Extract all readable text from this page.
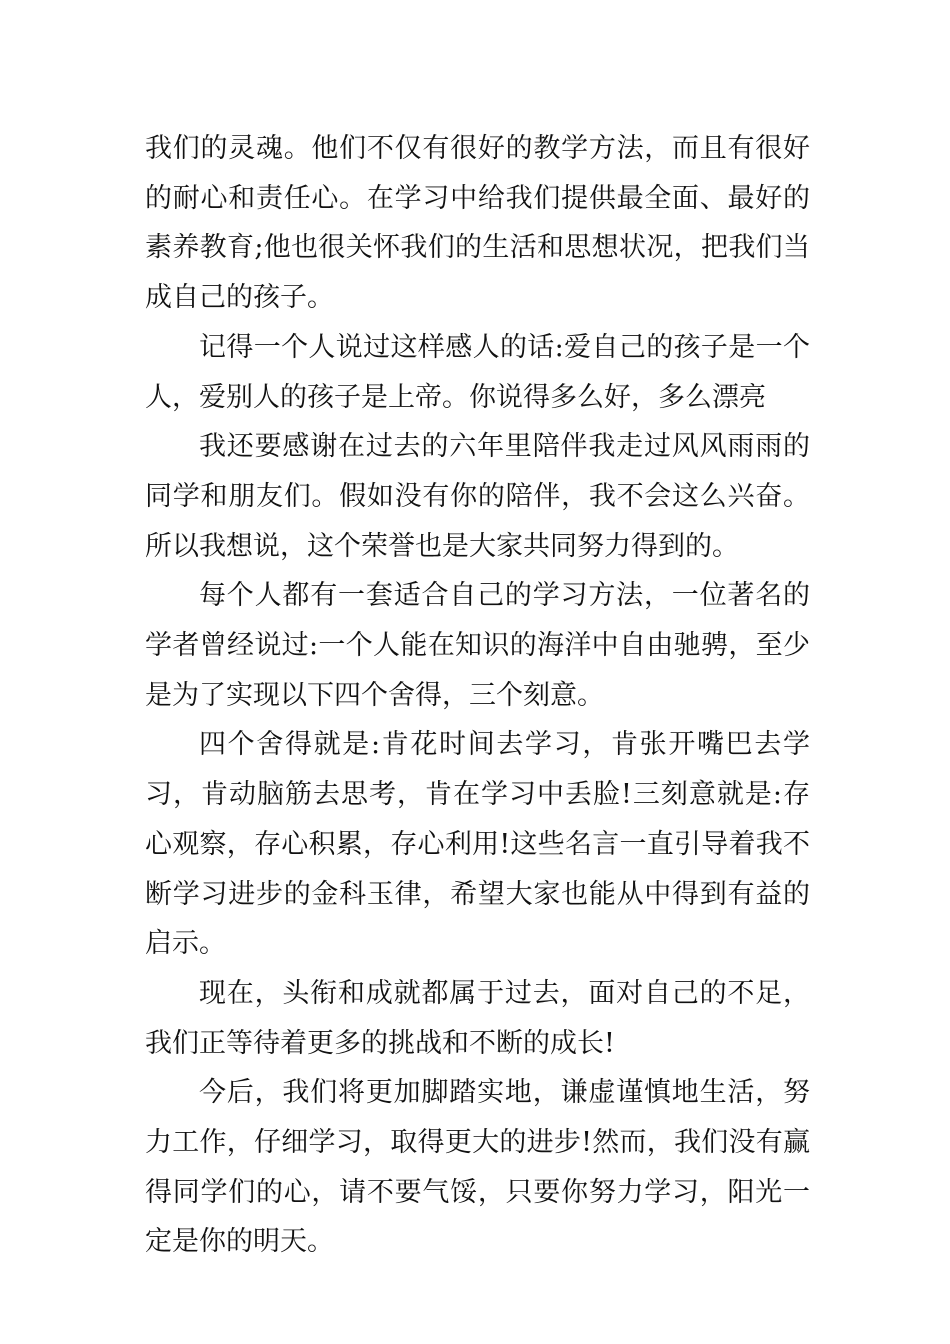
我们的灵魂。他们不仅有很好的教学方法，而且有很好的耐心和责任心。在学习中给我们提供最全面、最好的素养教育;他也很关怀我们的生活和思想状况，把我们当成自己的孩子。

记得一个人说过这样感人的话:爱自己的孩子是一个人，爱别人的孩子是上帝。你说得多么好，多么漂亮

我还要感谢在过去的六年里陪伴我走过风风雨雨的同学和朋友们。假如没有你的陪伴，我不会这么兴奋。所以我想说，这个荣誉也是大家共同努力得到的。

每个人都有一套适合自己的学习方法，一位著名的学者曾经说过:一个人能在知识的海洋中自由驰骋，至少是为了实现以下四个舍得，三个刻意。

四个舍得就是:肯花时间去学习，肯张开嘴巴去学习，肯动脑筋去思考，肯在学习中丢脸!三刻意就是:存心观察，存心积累，存心利用!这些名言一直引导着我不断学习进步的金科玉律，希望大家也能从中得到有益的启示。

现在，头衔和成就都属于过去，面对自己的不足，我们正等待着更多的挑战和不断的成长!

今后，我们将更加脚踏实地，谦虚谨慎地生活，努力工作，仔细学习，取得更大的进步!然而，我们没有赢得同学们的心，请不要气馁，只要你努力学习，阳光一定是你的明天。
